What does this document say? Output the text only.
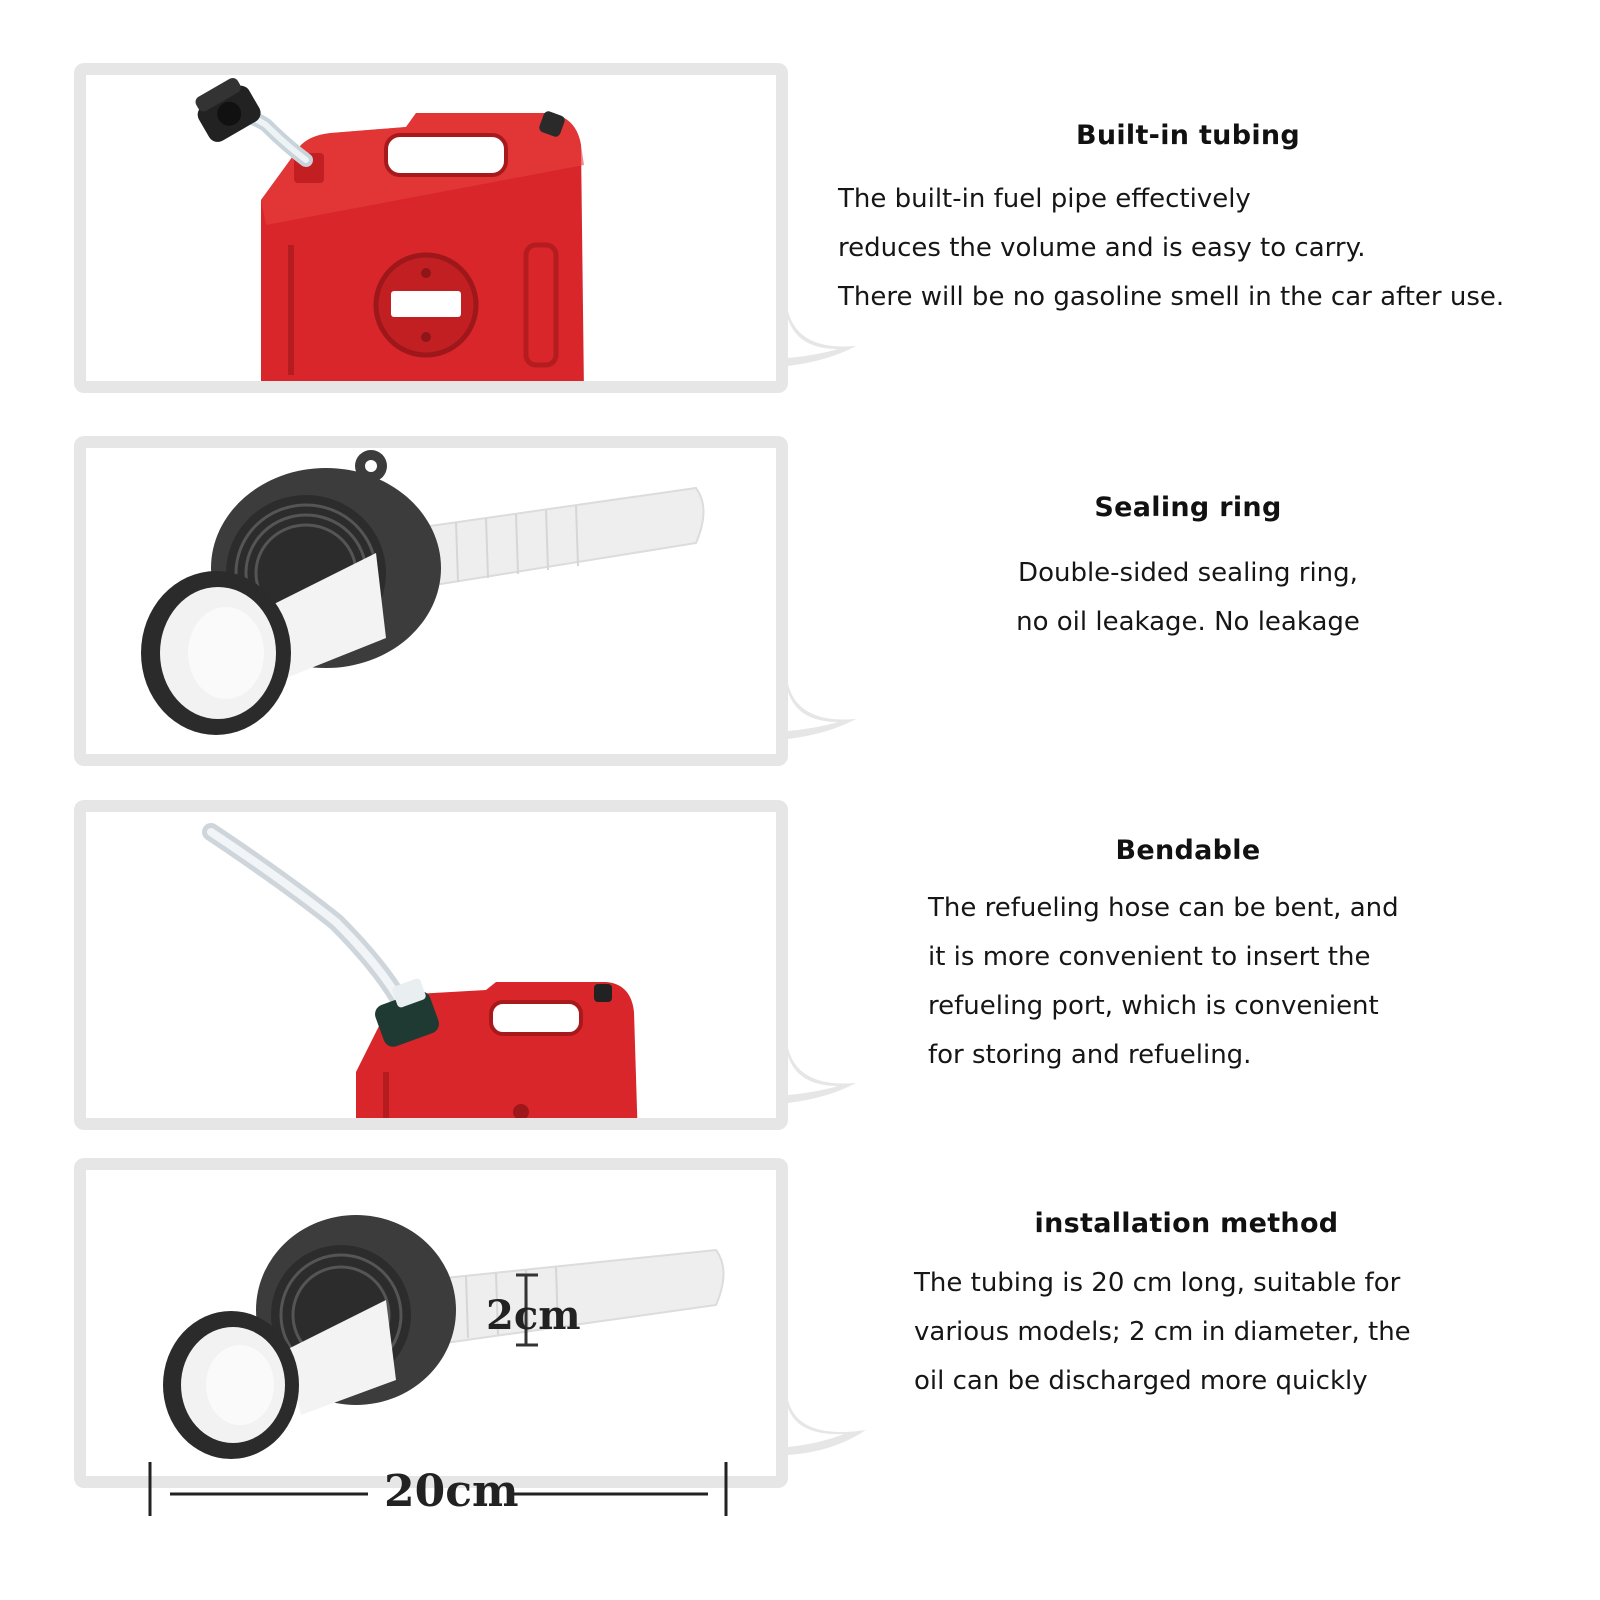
Built-in tubing

The built-in fuel pipe effectively

reduces the volume and is easy to carry.

There will be no gasoline smell in the car after use.

Sealing ring

Double-sided sealing ring,

no oil leakage. No leakage

Bendable

The refueling hose can be bent, and

it is more convenient to insert the

refueling port, which is convenient

for storing and refueling.

2cm
20cm
installation method

The tubing is 20 cm long, suitable for

various models; 2 cm in diameter, the

oil can be discharged more quickly
